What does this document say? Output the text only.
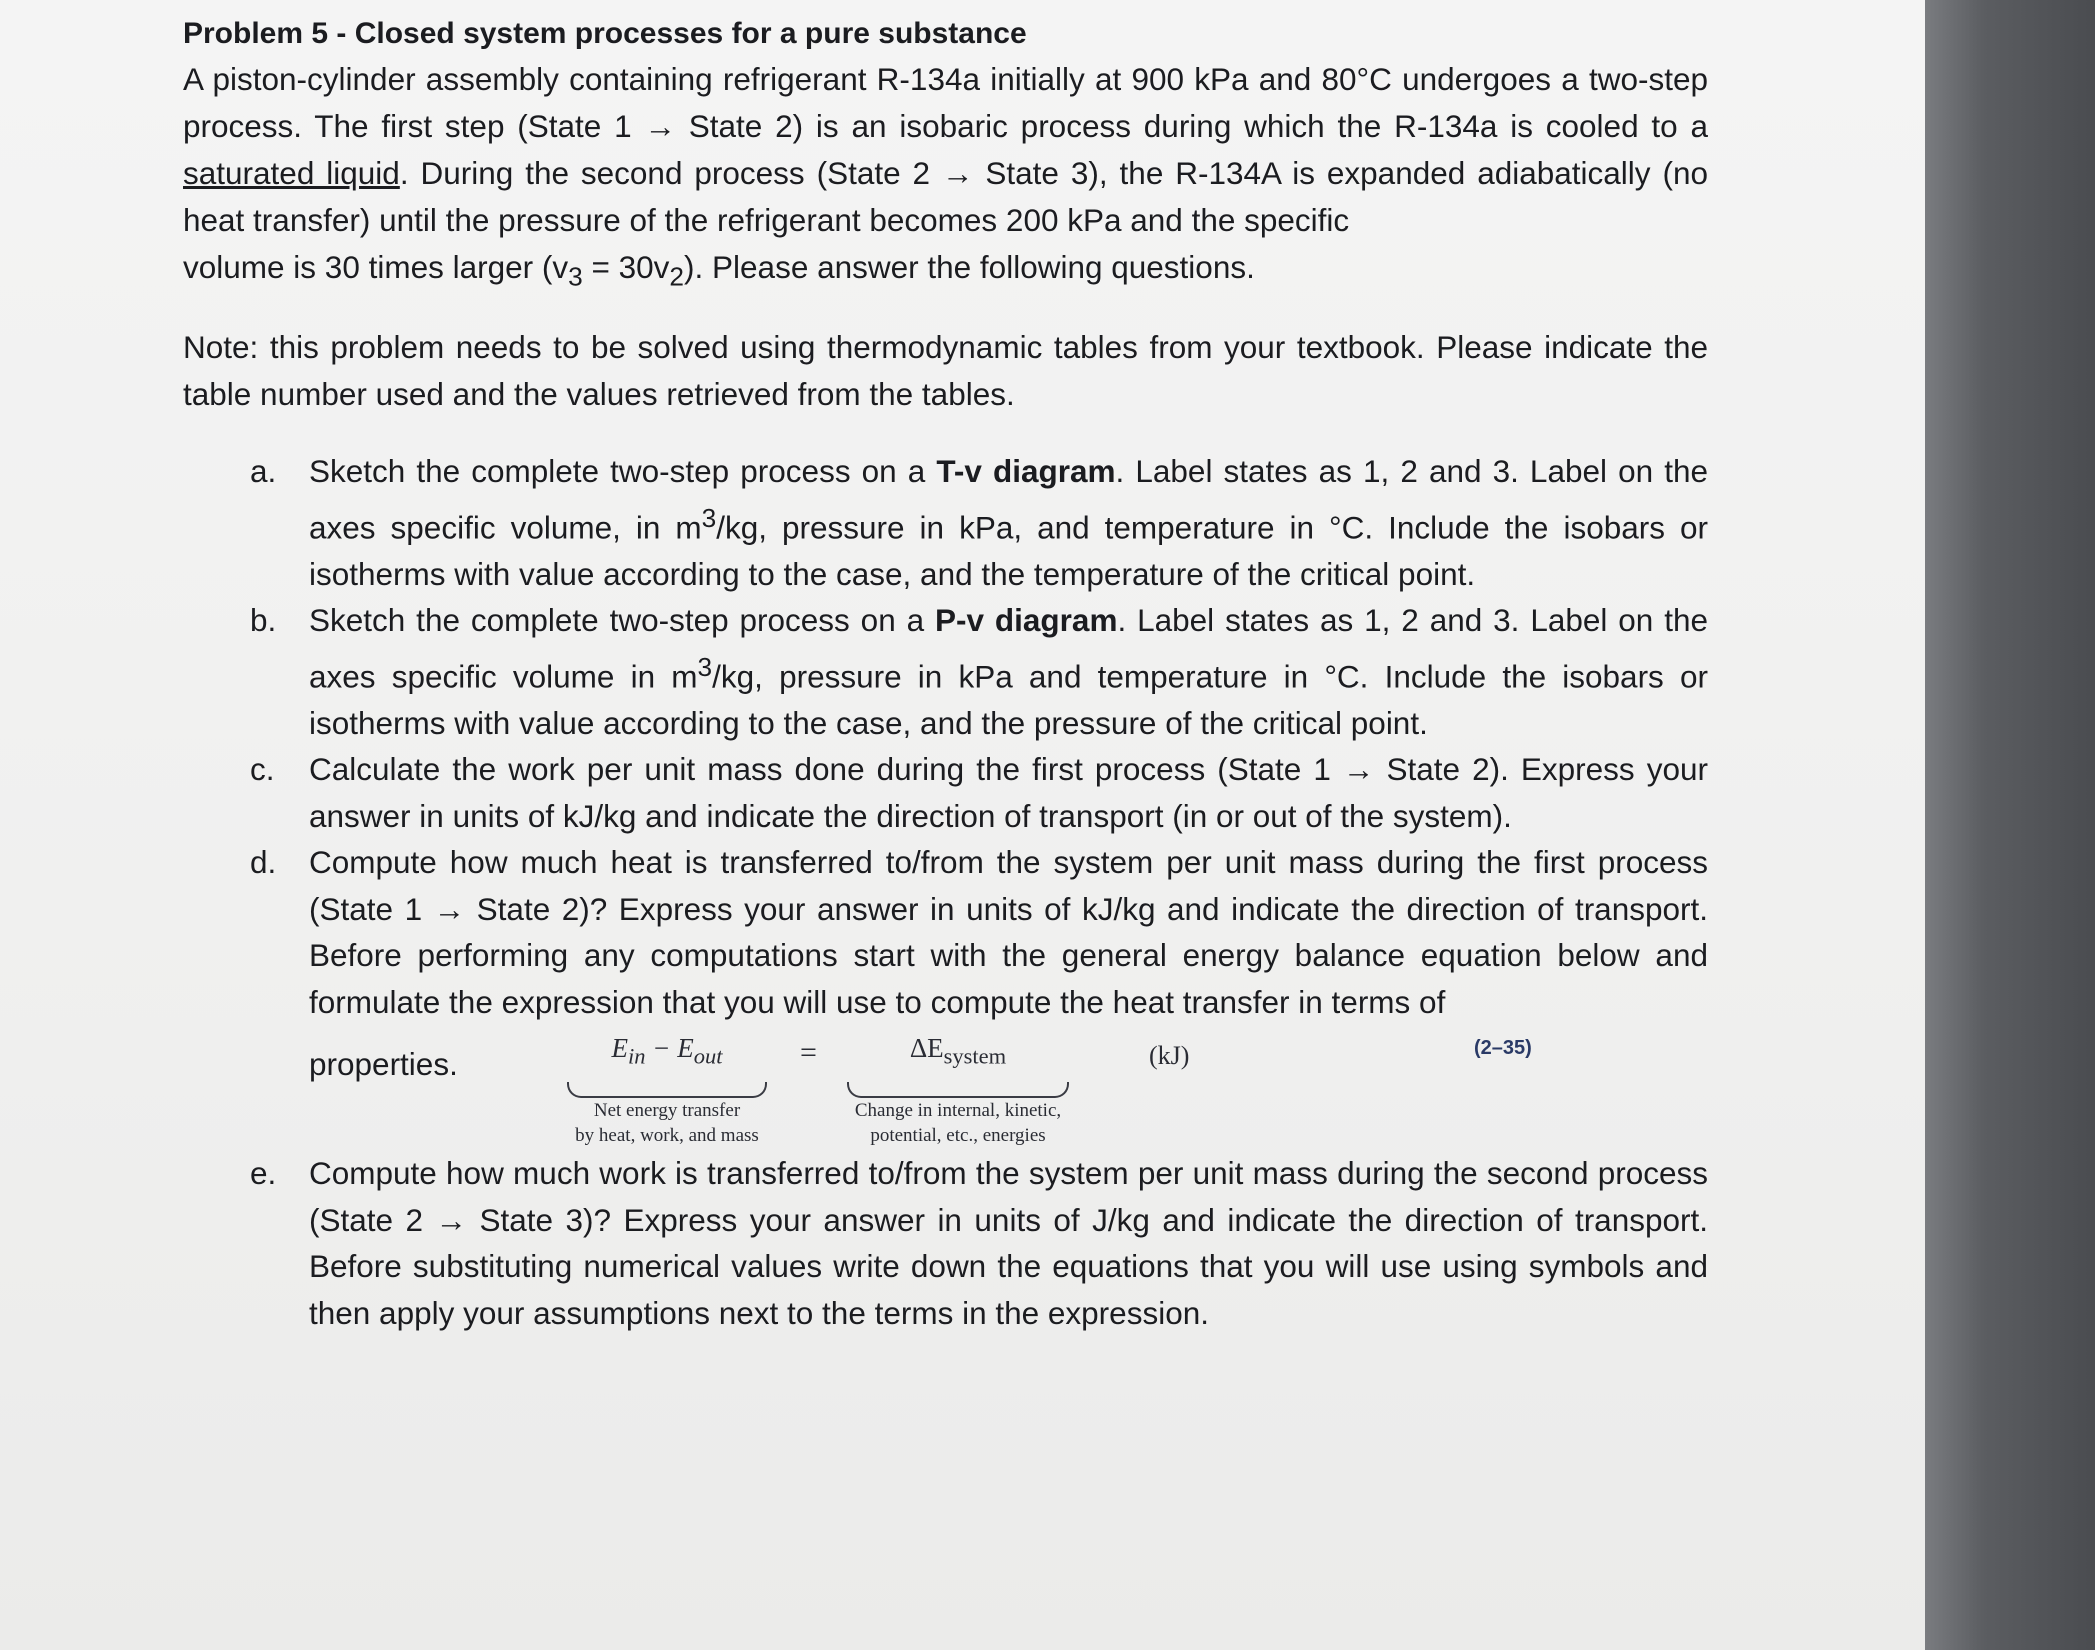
Problem 5 - Closed system processes for a pure substance
A piston-cylinder assembly containing refrigerant R-134a initially at 900 kPa and 80°C undergoes a two-step process. The first step (State 1 → State 2) is an isobaric process during which the R-134a is cooled to a saturated liquid. During the second process (State 2 → State 3), the R-134A is expanded adiabatically (no heat transfer) until the pressure of the refrigerant becomes 200 kPa and the specific
volume is 30 times larger $(v_3 = 30v_2)$. Please answer the following questions.
Note: this problem needs to be solved using thermodynamic tables from your textbook. Please indicate the table number used and the values retrieved from the tables.
a. Sketch the complete two-step process on a T-v diagram. Label states as 1, 2 and 3. Label on the axes specific volume, in $m^3/kg$, pressure in kPa, and temperature in °C. Include the isobars or isotherms with value according to the case, and the temperature of the critical point.
b. Sketch the complete two-step process on a P-v diagram. Label states as 1, 2 and 3. Label on the axes specific volume in $m^3/kg$, pressure in kPa and temperature in °C. Include the isobars or isotherms with value according to the case, and the pressure of the critical point.
c. Calculate the work per unit mass done during the first process (State 1 → State 2). Express your answer in units of kJ/kg and indicate the direction of transport (in or out of the system).
d. Compute how much heat is transferred to/from the system per unit mass during the first process (State 1 → State 2)? Express your answer in units of kJ/kg and indicate the direction of transport. Before performing any computations start with the general energy balance equation below and formulate the expression that you will use to compute the heat transfer in terms of
properties.	$E_{in} - E_{out}$
Net energy transfer
by heat, work, and mass
=	$\Delta E_{system}$
Change in internal, kinetic,
potential, etc., energies
(kJ)	(2–35)
e. Compute how much work is transferred to/from the system per unit mass during the second process (State 2 → State 3)? Express your answer in units of J/kg and indicate the direction of transport. Before substituting numerical values write down the equations that you will use using symbols and then apply your assumptions next to the terms in the expression.
